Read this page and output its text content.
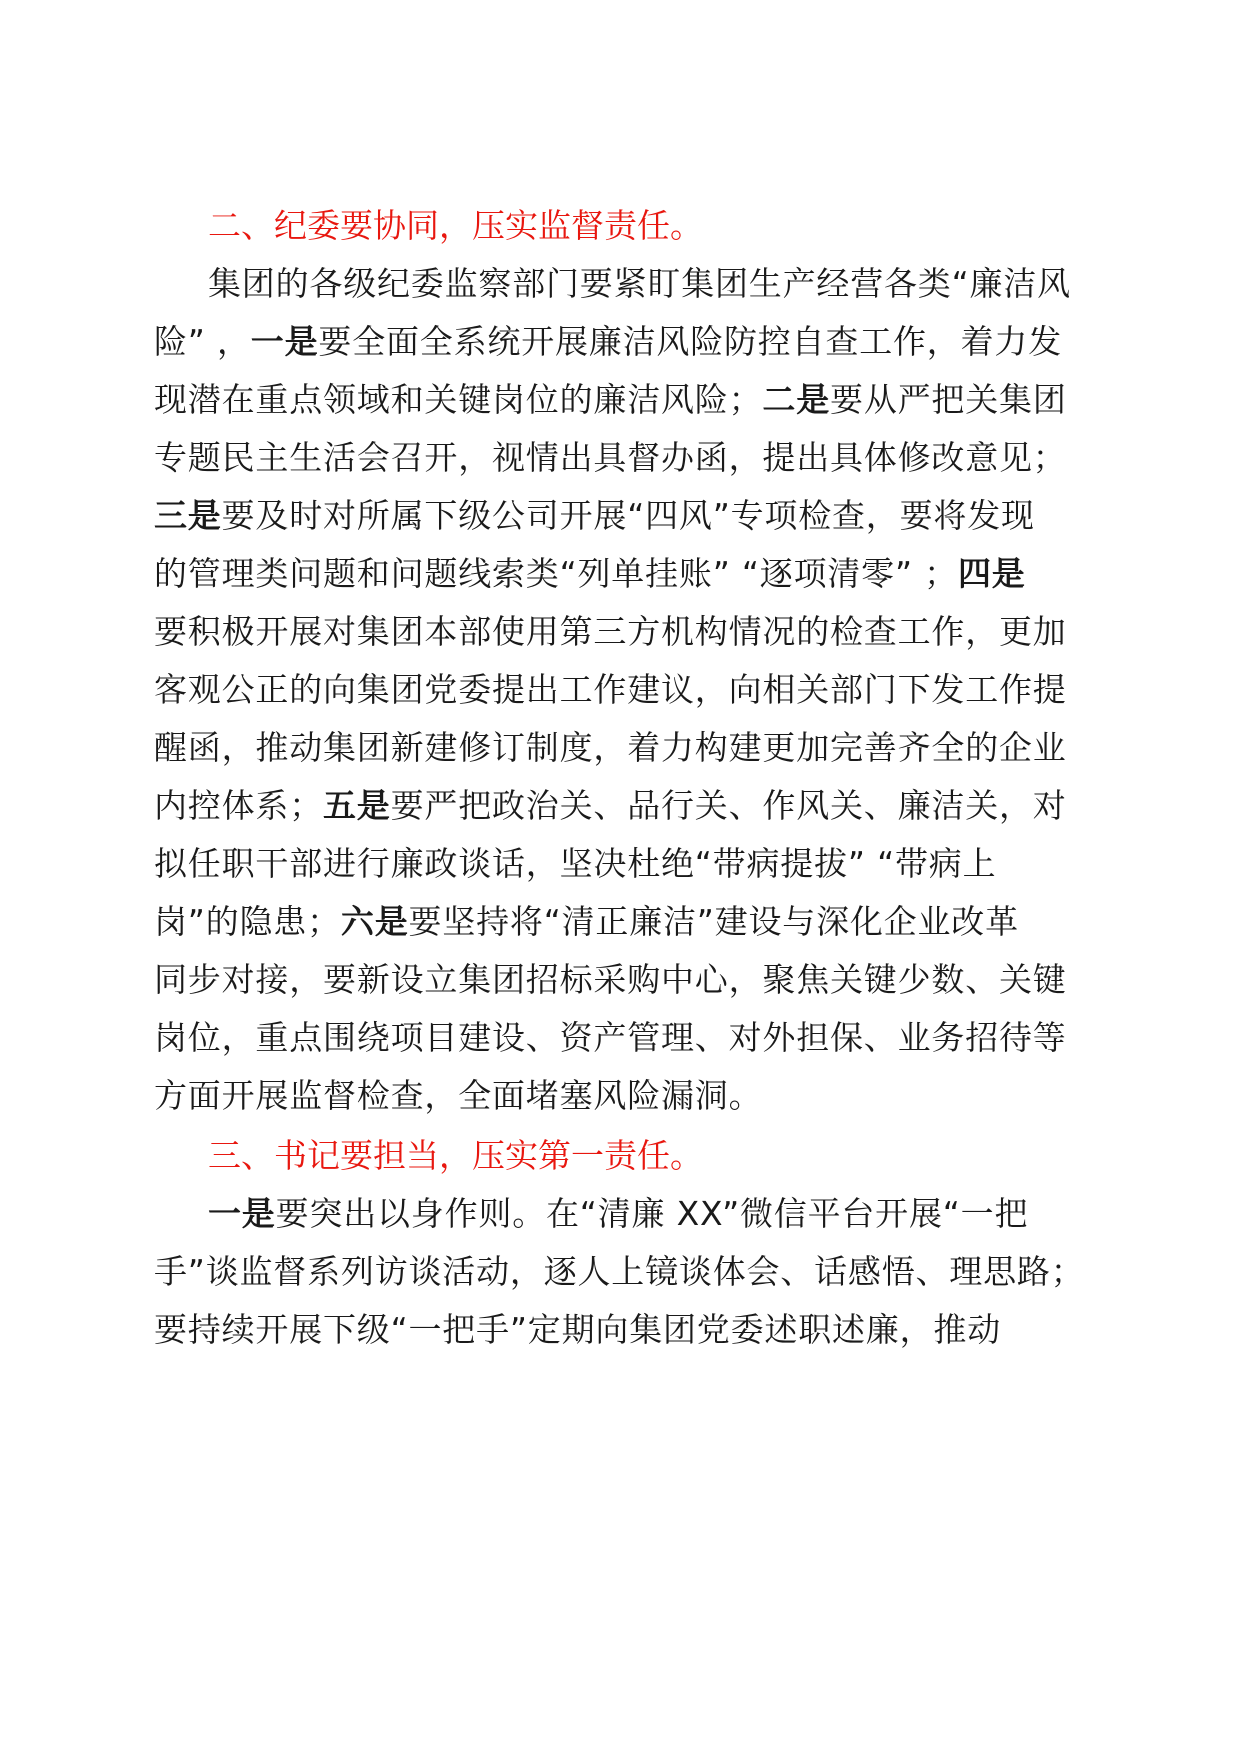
二、纪委要协同，压实监督责任。
集团的各级纪委监察部门要紧盯集团生产经营各类“廉洁风
险” ，一是要全面全系统开展廉洁风险防控自查工作，着力发
现潜在重点领域和关键岗位的廉洁风险；二是要从严把关集团
专题民主生活会召开，视情出具督办函，提出具体修改意见；
三是要及时对所属下级公司开展“四风”专项检查，要将发现
的管理类问题和问题线索类“列单挂账” “逐项清零” ；四是
要积极开展对集团本部使用第三方机构情况的检查工作，更加
客观公正的向集团党委提出工作建议，向相关部门下发工作提
醒函，推动集团新建修订制度，着力构建更加完善齐全的企业
内控体系；五是要严把政治关、品行关、作风关、廉洁关，对
拟任职干部进行廉政谈话，坚决杜绝“带病提拔” “带病上
岗”的隐患；六是要坚持将“清正廉洁”建设与深化企业改革
同步对接，要新设立集团招标采购中心，聚焦关键少数、关键
岗位，重点围绕项目建设、资产管理、对外担保、业务招待等
方面开展监督检查，全面堵塞风险漏洞。
三、书记要担当，压实第一责任。
一是要突出以身作则。在“清廉 XX”微信平台开展“一把
手”谈监督系列访谈活动，逐人上镜谈体会、话感悟、理思路；
要持续开展下级“一把手”定期向集团党委述职述廉，推动
